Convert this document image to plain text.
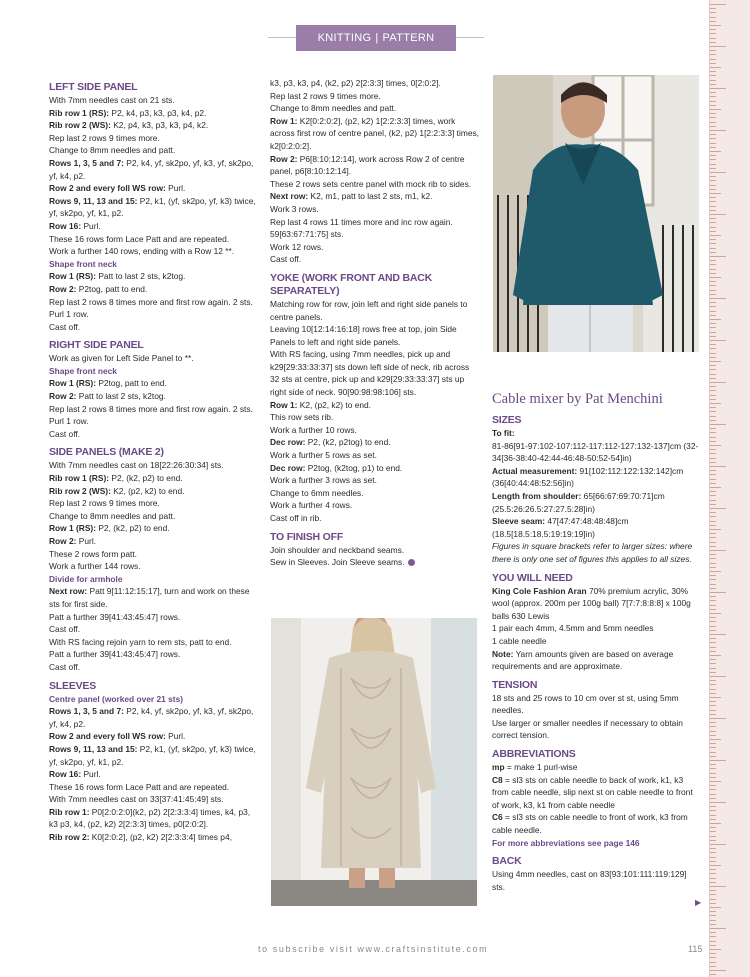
KNITTING | PATTERN INSTRUCTIONS

LEFT SIDE PANEL

With 7mm needles cast on 21 sts.

Rib row 1 (RS): P2, k4, p3, k3, p3, k4, p2.

Rib row 2 (WS): K2, p4, k3, p3, k3, p4, k2.

Rep last 2 rows 9 times more.

Change to 8mm needles and patt.

Rows 1, 3, 5 and 7: P2, k4, yf, sk2po, yf, k3, yf, sk2po, yf, k4, p2.

Row 2 and every foll WS row: Purl.

Rows 9, 11, 13 and 15: P2, k1, (yf, sk2po, yf, k3) twice, yf, sk2po, yf, k1, p2.

Row 16: Purl.

These 16 rows form Lace Patt and are repeated.

Work a further 140 rows, ending with a Row 12 **.

Shape front neck

Row 1 (RS): Patt to last 2 sts, k2tog.

Row 2: P2tog, patt to end.

Rep last 2 rows 8 times more and first row again. 2 sts.

Purl 1 row.

Cast off.

RIGHT SIDE PANEL

Work as given for Left Side Panel to **.

Shape front neck

Row 1 (RS): P2tog, patt to end.

Row 2: Patt to last 2 sts, k2tog.

Rep last 2 rows 8 times more and first row again. 2 sts.

Purl 1 row.

Cast off.

SIDE PANELS (MAKE 2)

With 7mm needles cast on 18[22:26:30:34] sts.

Rib row 1 (RS): P2, (k2, p2) to end.

Rib row 2 (WS): K2, (p2, k2) to end.

Rep last 2 rows 9 times more.

Change to 8mm needles and patt.

Row 1 (RS): P2, (k2, p2) to end.

Row 2: Purl.

These 2 rows form patt.

Work a further 144 rows.

Divide for armhole

Next row: Patt 9[11:12:15:17], turn and work on these sts for first side.

Patt a further 39[41:43:45:47] rows.

Cast off.

With RS facing rejoin yarn to rem sts, patt to end.

Patt a further 39[41:43:45:47] rows.

Cast off.

SLEEVES

Centre panel (worked over 21 sts)

Rows 1, 3, 5 and 7: P2, k4, yf, sk2po, yf, k3, yf, sk2po, yf, k4, p2.

Row 2 and every foll WS row: Purl.

Rows 9, 11, 13 and 15: P2, k1, (yf, sk2po, yf, k3) twice, yf, sk2po, yf, k1, p2.

Row 16: Purl.

These 16 rows form Lace Patt and are repeated.

With 7mm needles cast on 33[37:41:45:49] sts.

Rib row 1: P0[2:0:2:0](k2, p2) 2[2:3:3:4] times, k4, p3, k3 p3, k4, (p2, k2) 2[2:3:3] times, p0[2:0:2].

Rib row 2: K0[2:0:2], (p2, k2) 2[2:3:3:4] times p4,

k3, p3, k3, p4, (k2, p2) 2[2:3:3] times, 0[2:0:2].

Rep last 2 rows 9 times more.

Change to 8mm needles and patt.

Row 1: K2[0:2:0:2], (p2, k2) 1[2:2:3:3] times, work across first row of centre panel, (k2, p2) 1[2:2:3:3] times, k2[0:2:0:2].

Row 2: P6[8:10:12:14], work across Row 2 of centre panel, p6[8:10:12:14].

These 2 rows sets centre panel with mock rib to sides.

Next row: K2, m1, patt to last 2 sts, m1, k2.

Work 3 rows.

Rep last 4 rows 11 times more and inc row again. 59[63:67:71:75] sts.

Work 12 rows.

Cast off.

YOKE (WORK FRONT AND BACK SEPARATELY)

Matching row for row, join left and right side panels to centre panels.

Leaving 10[12:14:16:18] rows free at top, join Side Panels to left and right side panels.

With RS facing, using 7mm needles, pick up and k29[29:33:33:37] sts down left side of neck, rib across 32 sts at centre, pick up and k29[29:33:33:37] sts up right side of neck. 90[90:98:98:106] sts.

Row 1: K2, (p2, k2) to end.

This row sets rib.

Work a further 10 rows.

Dec row: P2, (k2, p2tog) to end.

Work a further 5 rows as set.

Dec row: P2tog, (k2tog, p1) to end.

Work a further 3 rows as set.

Change to 6mm needles.

Work a further 4 rows.

Cast off in rib.

TO FINISH OFF

Join shoulder and neckband seams.

Sew in Sleeves. Join Sleeve seams.

Cable mixer by Pat Menchini

SIZES

To fit:

81-86[91-97:102-107:112-117:112-127:132-137]cm (32-34[36-38:40-42:44-46:48-50:52-54]in)

Actual measurement: 91[102:112:122:132:142]cm (36[40:44:48:52:56]in)

Length from shoulder: 65[66:67:69:70:71]cm (25.5:26:26.5:27:27.5:28]in)

Sleeve seam: 47[47:47:48:48:48]cm (18.5[18.5:18.5:19:19:19]in)

Figures in square brackets refer to larger sizes: where there is only one set of figures this applies to all sizes.

YOU WILL NEED

King Cole Fashion Aran 70% premium acrylic, 30% wool (approx. 200m per 100g ball) 7[7:7:8:8:8] x 100g balls 630 Lewis

1 pair each 4mm, 4.5mm and 5mm needles

1 cable needle

Note: Yarn amounts given are based on average requirements and are approximate.

TENSION

18 sts and 25 rows to 10 cm over st st, using 5mm needles.

Use larger or smaller needles if necessary to obtain correct tension.

ABBREVIATIONS

mp = make 1 purl-wise

C8 = sl3 sts on cable needle to back of work, k1, k3 from cable needle, slip next st on cable needle to front of work, k3, k1 from cable needle

C6 = sl3 sts on cable needle to front of work, k3 from cable needle.

For more abbreviations see page 146

BACK

Using 4mm needles, cast on 83[93:101:111:119:129] sts.

▶
to subscribe visit www.craftsinstitute.com	115
